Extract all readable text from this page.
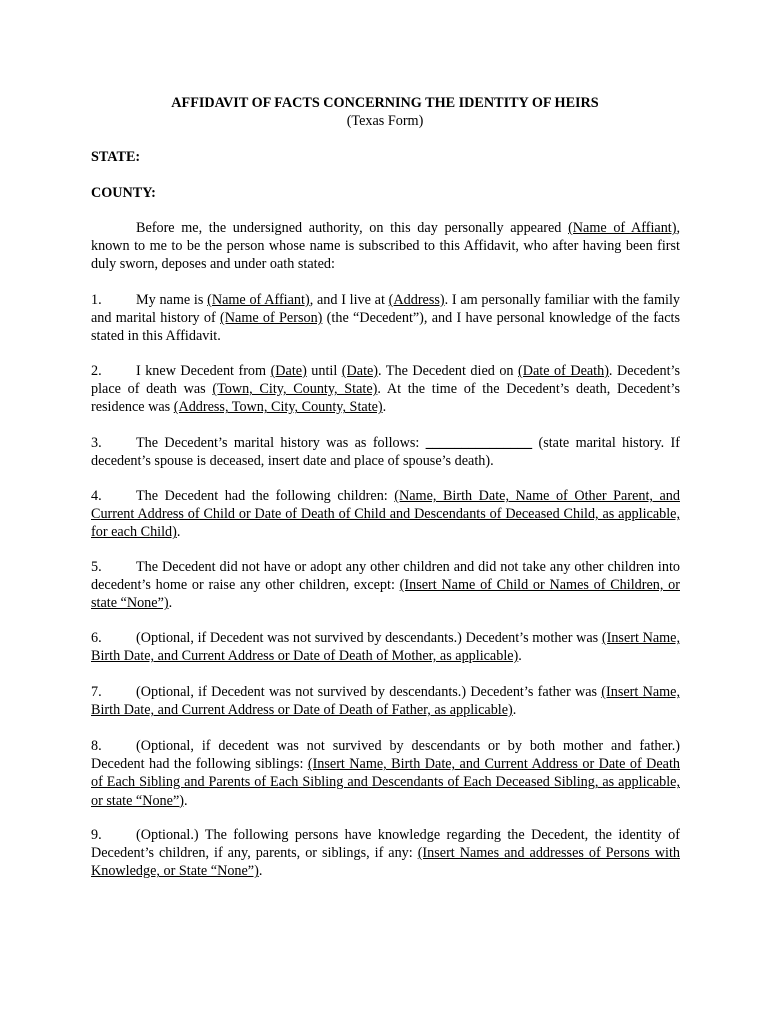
AFFIDAVIT OF FACTS CONCERNING THE IDENTITY OF HEIRS
(Texas Form)
STATE:
COUNTY:

Before me, the undersigned authority, on this day personally appeared (Name of Affiant), known to me to be the person whose name is subscribed to this Affidavit, who after having been first duly sworn, deposes and under oath stated:

1. My name is (Name of Affiant), and I live at (Address). I am personally familiar with the family and marital history of (Name of Person) (the “Decedent”), and I have personal knowledge of the facts stated in this Affidavit.

2. I knew Decedent from (Date) until (Date). The Decedent died on (Date of Death). Decedent’s place of death was (Town, City, County, State). At the time of the Decedent’s death, Decedent’s residence was (Address, Town, City, County, State).

3. The Decedent’s marital history was as follows: _______________ (state marital history. If decedent’s spouse is deceased, insert date and place of spouse’s death).

4. The Decedent had the following children: (Name, Birth Date, Name of Other Parent, and Current Address of Child or Date of Death of Child and Descendants of Deceased Child, as applicable, for each Child).

5. The Decedent did not have or adopt any other children and did not take any other children into decedent’s home or raise any other children, except: (Insert Name of Child or Names of Children, or state “None”).

6. (Optional, if Decedent was not survived by descendants.) Decedent’s mother was (Insert Name, Birth Date, and Current Address or Date of Death of Mother, as applicable).

7. (Optional, if Decedent was not survived by descendants.) Decedent’s father was (Insert Name, Birth Date, and Current Address or Date of Death of Father, as applicable).

8. (Optional, if decedent was not survived by descendants or by both mother and father.) Decedent had the following siblings: (Insert Name, Birth Date, and Current Address or Date of Death of Each Sibling and Parents of Each Sibling and Descendants of Each Deceased Sibling, as applicable, or state “None”).

9. (Optional.) The following persons have knowledge regarding the Decedent, the identity of Decedent’s children, if any, parents, or siblings, if any: (Insert Names and addresses of Persons with Knowledge, or State “None”).
